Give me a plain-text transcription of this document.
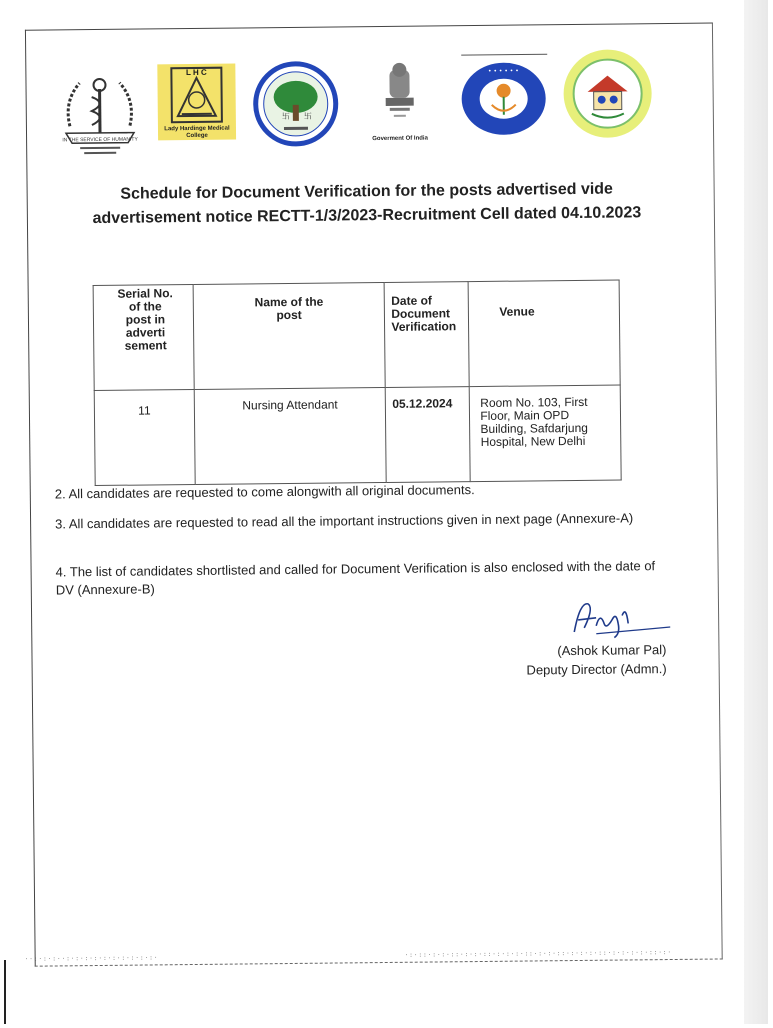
IN THE SERVICE OF HUMANITY
L H C
Lady Hardinge Medical College
卐 卐
Goverment Of India
• • • • • •
Schedule for Document Verification for the posts advertised vide
advertisement notice RECTT-1/3/2023-Recruitment Cell dated 04.10.2023
Serial No. of the post in adverti sement	Name of the post	Date of Document Verification	Venue
11	Nursing Attendant	05.12.2024	Room No. 103, First Floor, Main OPD Building, Safdarjung Hospital, New Delhi
2. All candidates are requested to come alongwith all original documents.
3. All candidates are requested to read all the important instructions given in next page (Annexure-A)
4. The list of candidates shortlisted and called for Document Verification is also enclosed with the date of DV (Annexure-B)
(Ashok Kumar Pal)
Deputy Director (Admn.)
··:·:·:··:·:·:·:·:·:·:·:·:·:·	·:·::·:·:·::·:·:·::·:·:·:·::·:·:·::·:·:·:·::·:·:·:·:·::·:·
